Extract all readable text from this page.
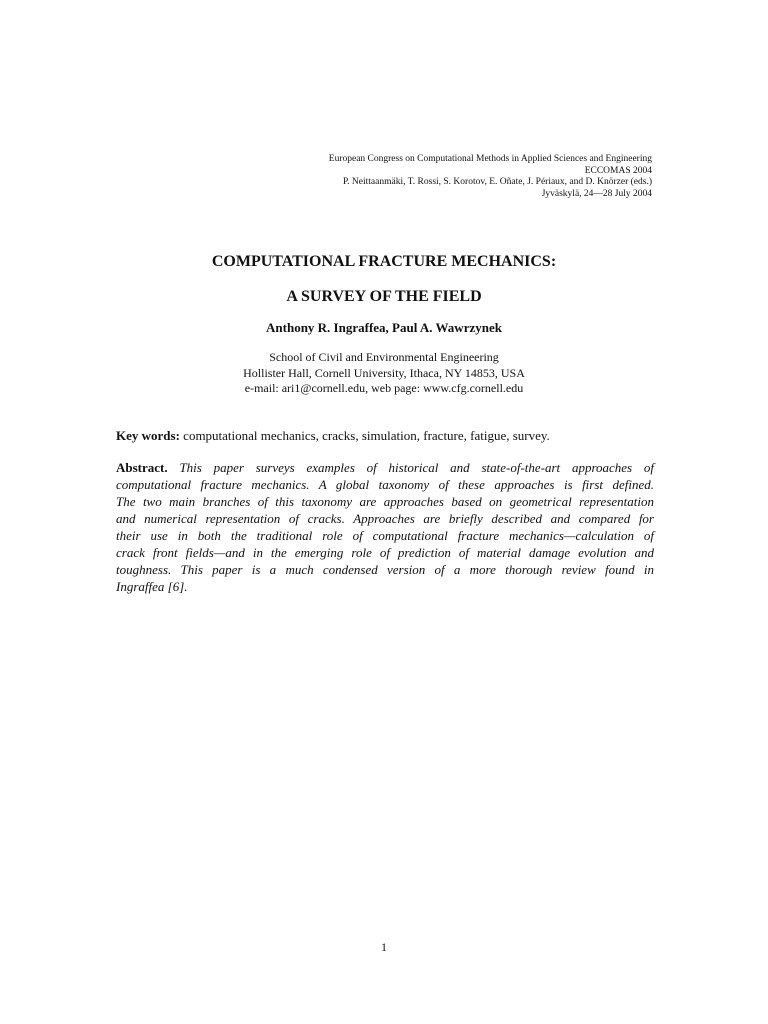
European Congress on Computational Methods in Applied Sciences and Engineering
ECCOMAS 2004
P. Neittaanmäki, T. Rossi, S. Korotov, E. Oñate, J. Périaux, and D. Knörzer (eds.)
Jyväskylä, 24—28 July 2004
COMPUTATIONAL FRACTURE MECHANICS:
A SURVEY OF THE FIELD
Anthony R. Ingraffea, Paul A. Wawrzynek
School of Civil and Environmental Engineering
Hollister Hall, Cornell University, Ithaca, NY 14853, USA
e-mail: ari1@cornell.edu, web page: www.cfg.cornell.edu
Key words: computational mechanics, cracks, simulation, fracture, fatigue, survey.
Abstract. This paper surveys examples of historical and state-of-the-art approaches of
computational fracture mechanics. A global taxonomy of these approaches is first defined.
The two main branches of this taxonomy are approaches based on geometrical representation
and numerical representation of cracks. Approaches are briefly described and compared for
their use in both the traditional role of computational fracture mechanics—calculation of
crack front fields—and in the emerging role of prediction of material damage evolution and
toughness. This paper is a much condensed version of a more thorough review found in
Ingraffea [6].
1
